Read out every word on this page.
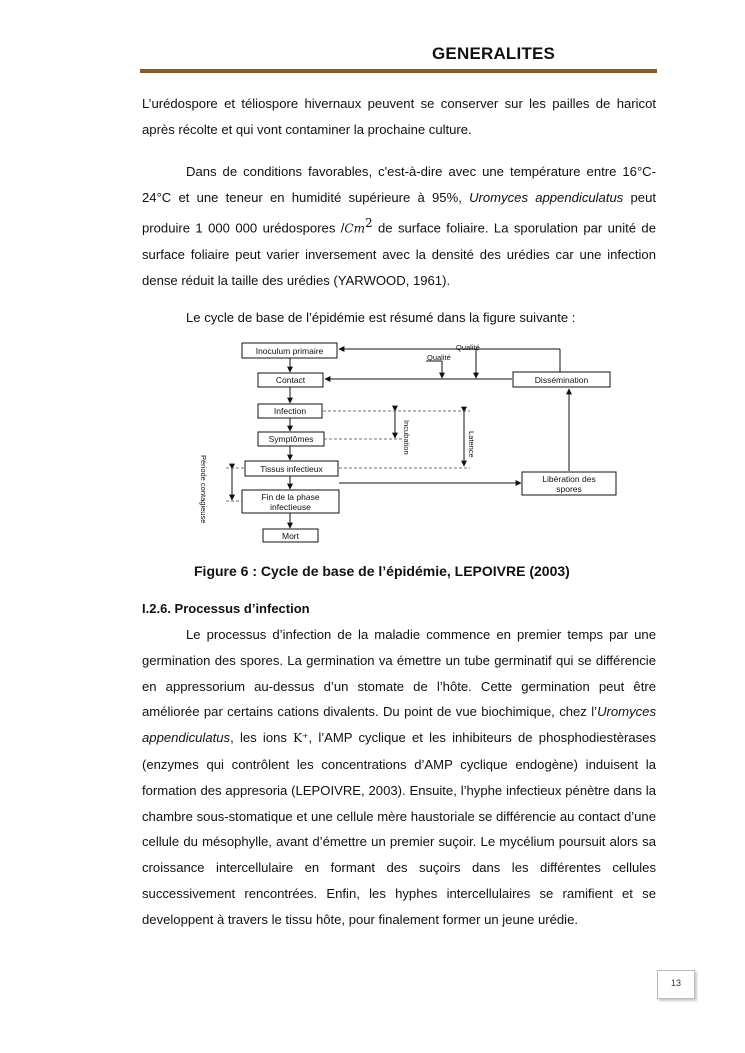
GENERALITES

L’urédospore et téliospore hivernaux peuvent se conserver sur les pailles de haricot après récolte et qui vont contaminer la prochaine culture.

Dans de conditions favorables, c'est-à-dire avec une température entre 16°C-24°C et une teneur en humidité supérieure à 95%, Uromyces appendiculatus peut produire 1 000 000 urédospores /Cm$^2$ de surface foliaire. La sporulation par unité de surface foliaire peut varier inversement avec la densité des urédies car une infection dense réduit la taille des urédies (YARWOOD, 1961).

Le cycle de base de l’épidémie est résumé dans la figure suivante :

Inoculum primaire
Contact
Infection
Symptômes
Tissus infectieux
Fin de la phase
infectieuse
Mort
Dissémination
Libération des
spores
Qualité
Qualité
Incubation	Latence
Période contagieuse
Figure 6 : Cycle de base de l’épidémie, LEPOIVRE (2003)
I.2.6. Processus d’infection

Le processus d’infection de la maladie commence en premier temps par une germination des spores. La germination va émettre un tube germinatif qui se différencie en appressorium au-dessus d’un stomate de l’hôte. Cette germination peut être améliorée par certains cations divalents. Du point de vue biochimique, chez l’Uromyces appendiculatus, les ions K⁺, l’AMP cyclique et les inhibiteurs de phosphodiestèrases (enzymes qui contrôlent les concentrations d’AMP cyclique endogène) induisent la formation des appresoria (LEPOIVRE, 2003). Ensuite, l’hyphe infectieux pénètre dans la chambre sous-stomatique et une cellule mère haustoriale se différencie au contact d’une cellule du mésophylle, avant d’émettre un premier suçoir. Le mycélium poursuit alors sa croissance intercellulaire en formant des suçoirs dans les différentes cellules successivement rencontrées. Enfin, les hyphes intercellulaires se ramifient et se developpent à travers le tissu hôte, pour finalement former un jeune urédie.

13
